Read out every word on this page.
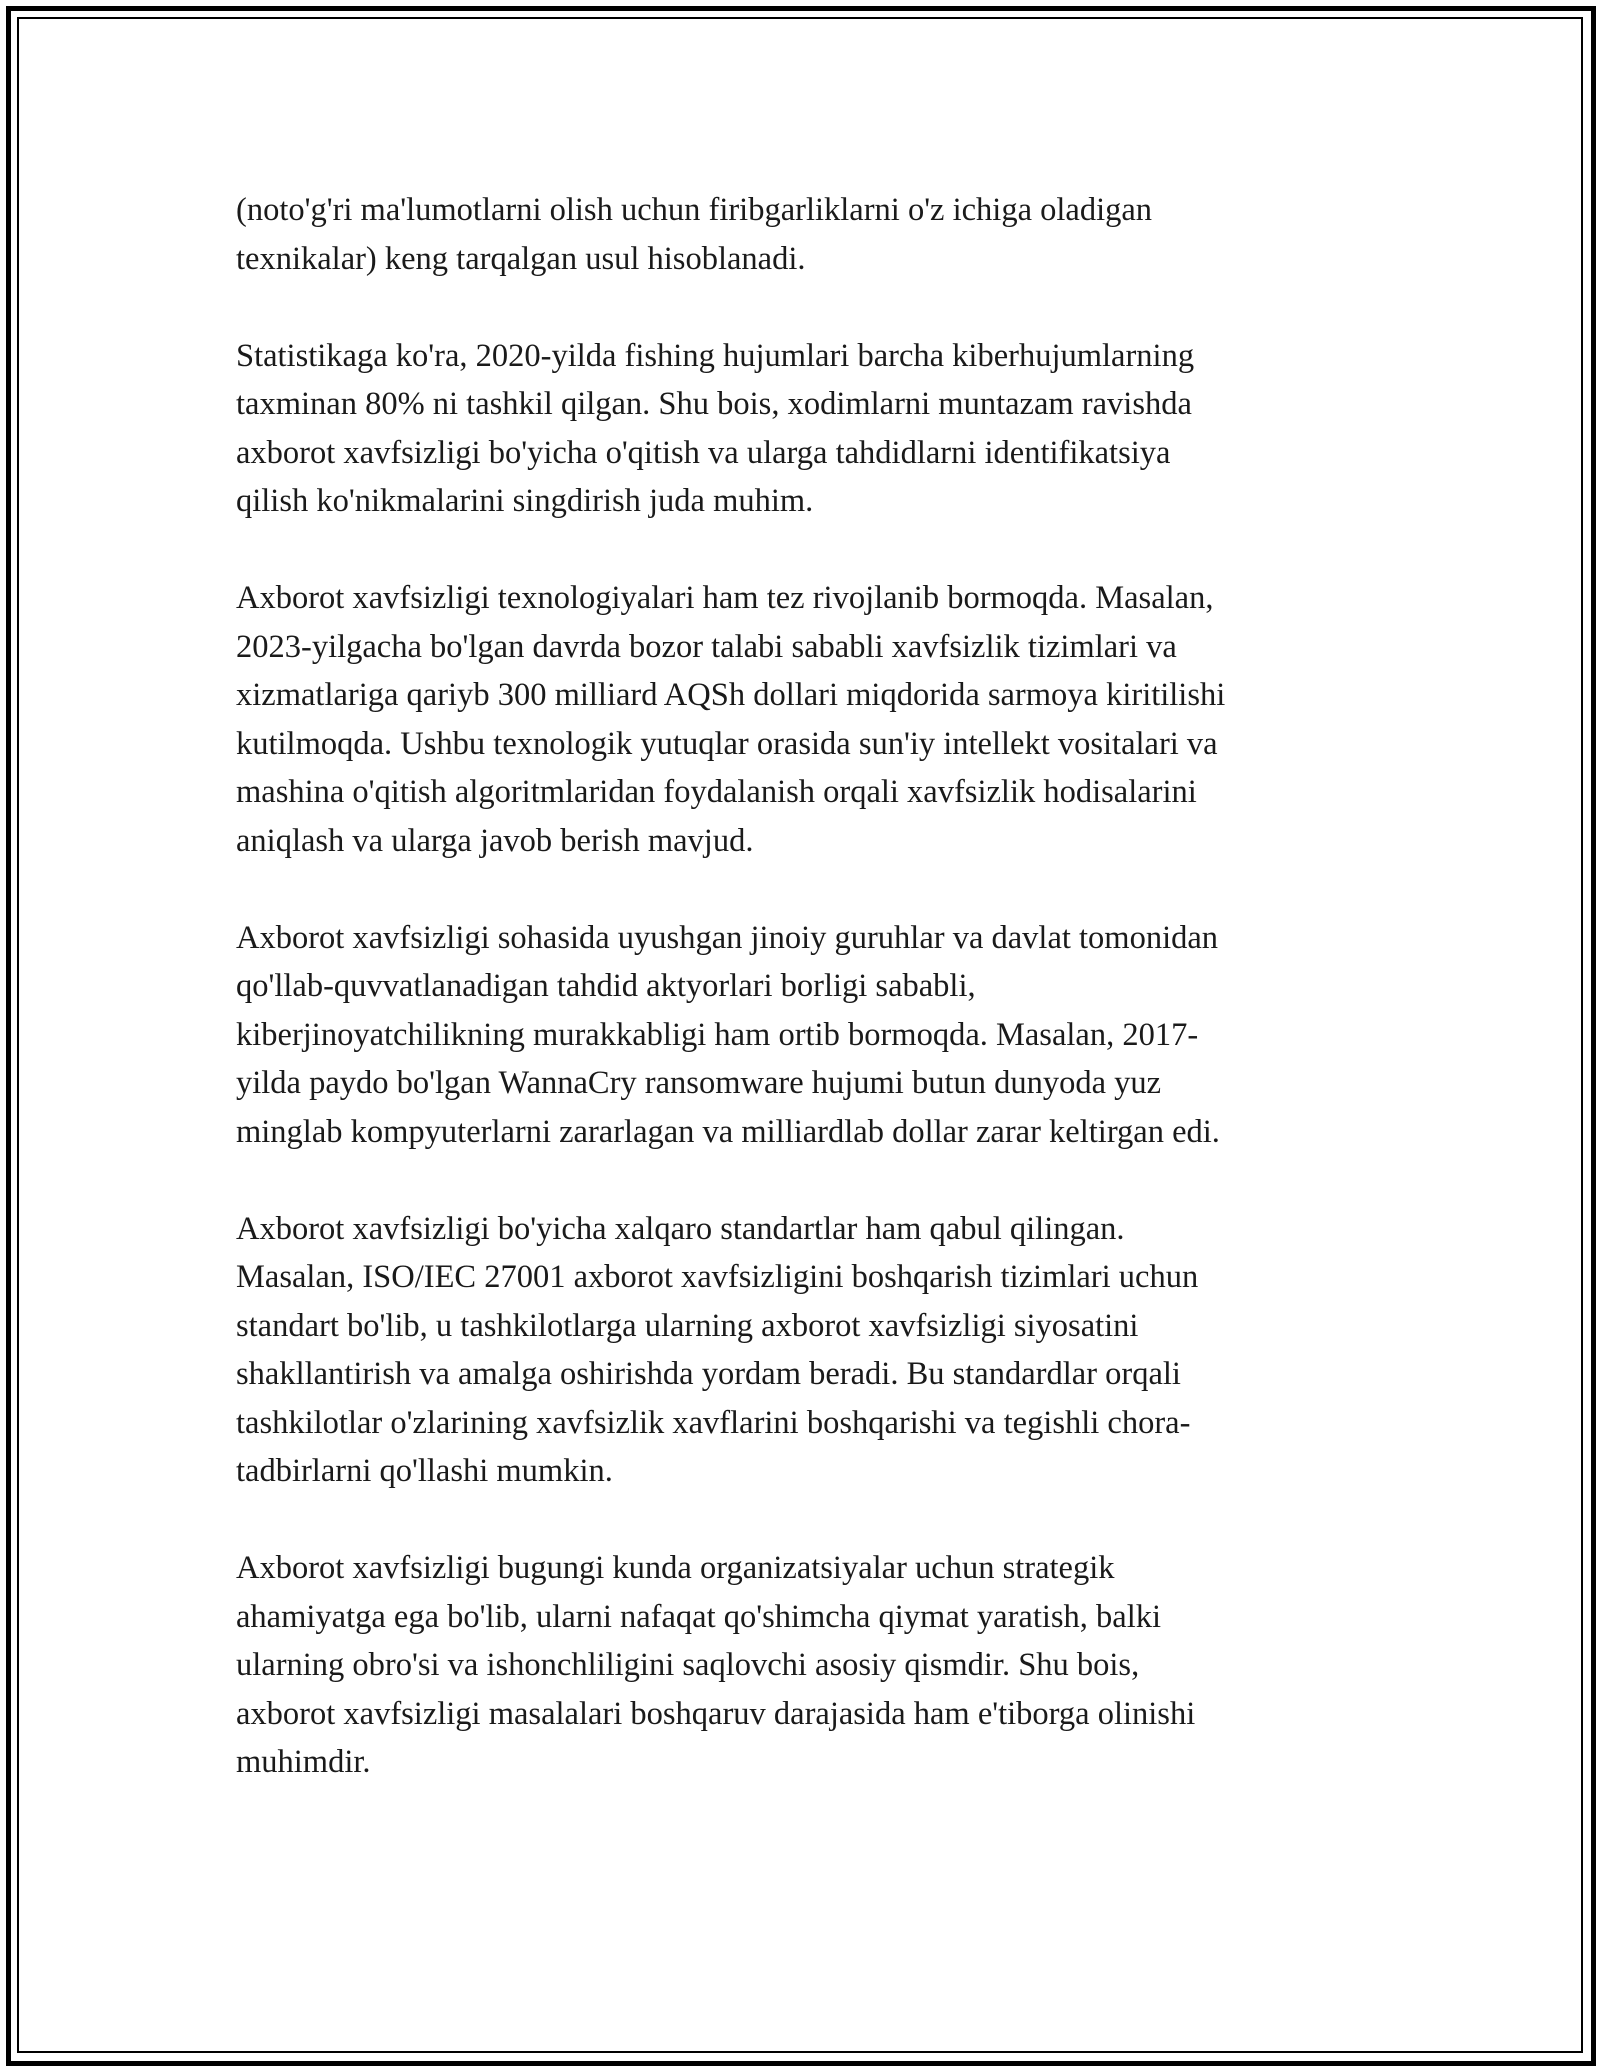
(noto'g'ri ma'lumotlarni olish uchun firibgarliklarni o'z ichiga oladigan
texnikalar) keng tarqalgan usul hisoblanadi.

Statistikaga ko'ra, 2020-yilda fishing hujumlari barcha kiberhujumlarning
taxminan 80% ni tashkil qilgan. Shu bois, xodimlarni muntazam ravishda
axborot xavfsizligi bo'yicha o'qitish va ularga tahdidlarni identifikatsiya
qilish ko'nikmalarini singdirish juda muhim.

Axborot xavfsizligi texnologiyalari ham tez rivojlanib bormoqda. Masalan,
2023-yilgacha bo'lgan davrda bozor talabi sababli xavfsizlik tizimlari va
xizmatlariga qariyb 300 milliard AQSh dollari miqdorida sarmoya kiritilishi
kutilmoqda. Ushbu texnologik yutuqlar orasida sun'iy intellekt vositalari va
mashina o'qitish algoritmlaridan foydalanish orqali xavfsizlik hodisalarini
aniqlash va ularga javob berish mavjud.

Axborot xavfsizligi sohasida uyushgan jinoiy guruhlar va davlat tomonidan
qo'llab-quvvatlanadigan tahdid aktyorlari borligi sababli,
kiberjinoyatchilikning murakkabligi ham ortib bormoqda. Masalan, 2017-
yilda paydo bo'lgan WannaCry ransomware hujumi butun dunyoda yuz
minglab kompyuterlarni zararlagan va milliardlab dollar zarar keltirgan edi.

Axborot xavfsizligi bo'yicha xalqaro standartlar ham qabul qilingan.
Masalan, ISO/IEC 27001 axborot xavfsizligini boshqarish tizimlari uchun
standart bo'lib, u tashkilotlarga ularning axborot xavfsizligi siyosatini
shakllantirish va amalga oshirishda yordam beradi. Bu standardlar orqali
tashkilotlar o'zlarining xavfsizlik xavflarini boshqarishi va tegishli chora-
tadbirlarni qo'llashi mumkin.

Axborot xavfsizligi bugungi kunda organizatsiyalar uchun strategik
ahamiyatga ega bo'lib, ularni nafaqat qo'shimcha qiymat yaratish, balki
ularning obro'si va ishonchliligini saqlovchi asosiy qismdir. Shu bois,
axborot xavfsizligi masalalari boshqaruv darajasida ham e'tiborga olinishi
muhimdir.
